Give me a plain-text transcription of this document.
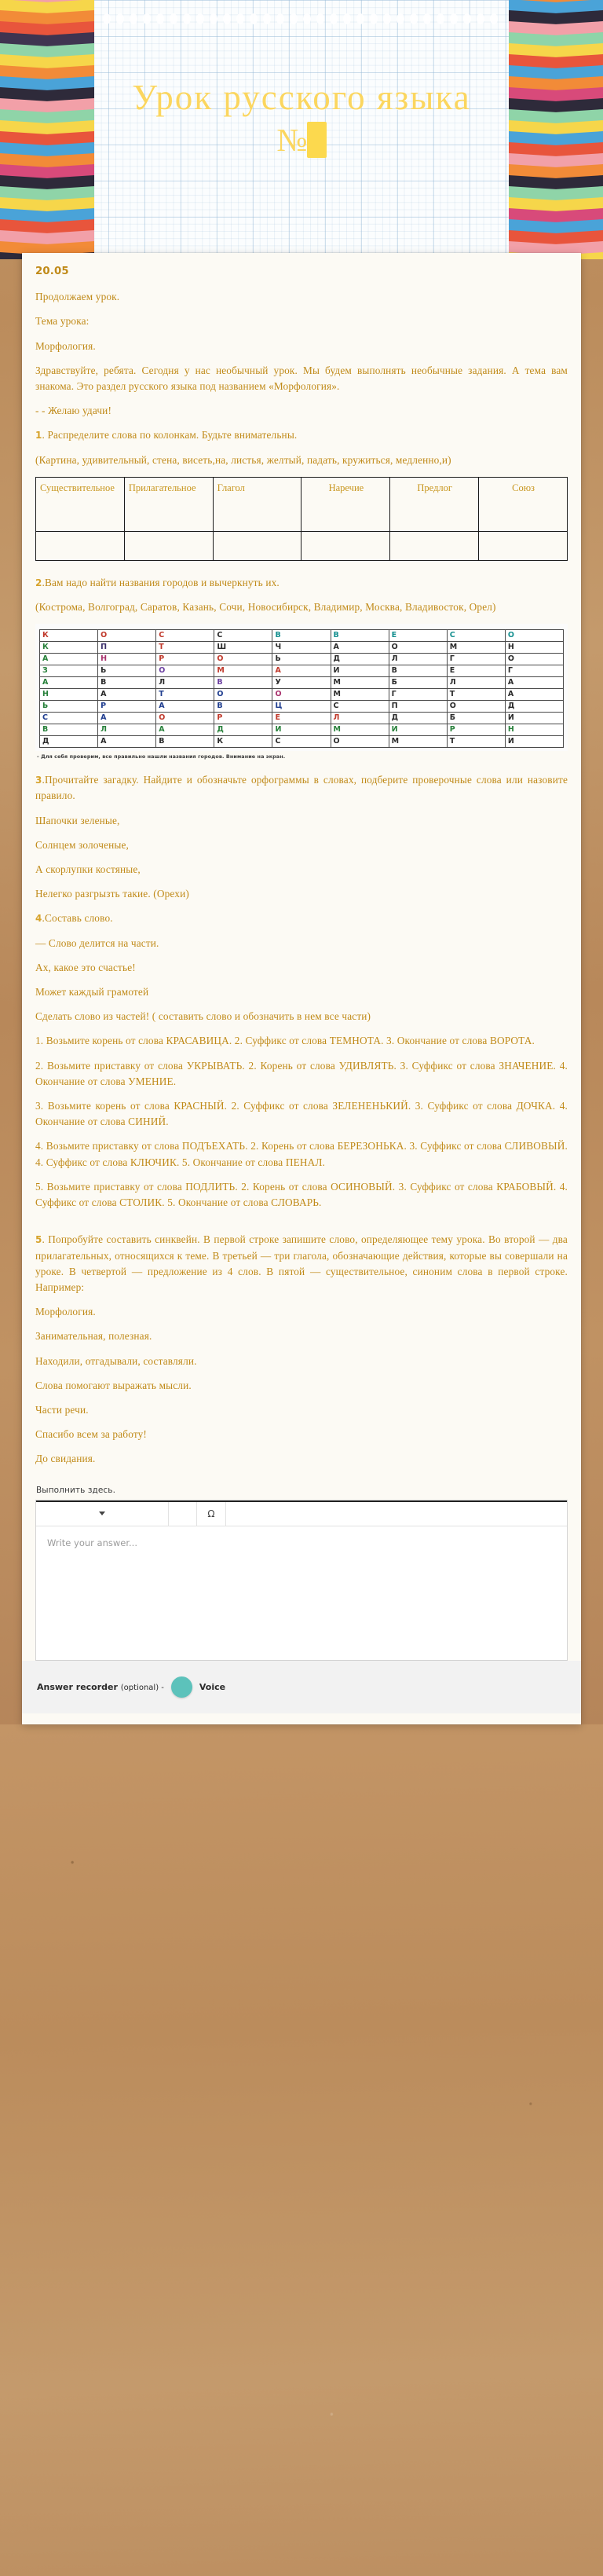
Урок русского языка
№3

20.05

Продолжаем урок.

Тема урока:

Морфология.

Здравствуйте, ребята. Сегодня у нас необычный урок. Мы будем выполнять необычные задания. А тема вам знакома. Это раздел русского языка под названием «Морфология».

- - Желаю удачи!

1. Распределите слова по колонкам. Будьте внимательны.

(Картина, удивительный, стена, висеть,на, листья, желтый, падать, кружиться, медленно,и)

Существительное	Прилагательное	Глагол	Наречие	Предлог	Союз

2.Вам надо найти названия городов и вычеркнуть их.

(Кострома, Волгоград, Саратов, Казань, Сочи, Новосибирск, Владимир, Москва, Владивосток, Орел)

К	О	С	С	В	В	Е	С	О
К	П	Т	Ш	Ч	А	О	М	Н
А	Н	Р	О	Ь	Д	Л	Г	О
З	Ь	О	М	А	И	В	Е	Г
А	В	Л	В	У	М	Б	Л	А
Н	А	Т	О	О	М	Г	Т	А
Ь	Р	А	В	Ц	С	П	О	Д
С	А	О	Р	Е	Л	Д	Б	И
В	Л	А	Д	И	М	И	Р	Н
Д	А	В	К	С	О	М	Т	И
- Для себя проверим, все правильно нашли названия городов. Внимание на экран.

3.Прочитайте загадку. Найдите и обозначьте орфограммы в словах, подберите проверочные слова или назовите правило.

Шапочки зеленые,

Солнцем золоченые,

А скорлупки костяные,

Нелегко разгрызть такие. (Орехи)

4.Составь слово.

— Слово делится на части.

Ах, какое это счастье!

Может каждый грамотей

Сделать слово из частей! ( составить слово и обозначить в нем все части)

1. Возьмите корень от слова КРАСАВИЦА. 2. Суффикс от слова ТЕМНОТА. 3. Окончание от слова ВОРОТА.

2. Возьмите приставку от слова УКРЫВАТЬ. 2. Корень от слова УДИВЛЯТЬ. 3. Суффикс от слова ЗНАЧЕНИЕ. 4. Окончание от слова УМЕНИЕ.

3. Возьмите корень от слова КРАСНЫЙ. 2. Суффикс от слова ЗЕЛЕНЕНЬКИЙ. 3. Суффикс от слова ДОЧКА. 4. Окончание от слова СИНИЙ.

4. Возьмите приставку от слова ПОДЪЕХАТЬ. 2. Корень от слова БЕРЕЗОНЬКА. 3. Суффикс от слова СЛИВОВЫЙ. 4. Суффикс от слова КЛЮЧИК. 5. Окончание от слова ПЕНАЛ.

5. Возьмите приставку от слова ПОДЛИТЬ. 2. Корень от слова ОСИНОВЫЙ. 3. Суффикс от слова КРАБОВЫЙ. 4. Суффикс от слова СТОЛИК. 5. Окончание от слова СЛОВАРЬ.

5. Попробуйте составить синквейн. В первой строке запишите слово, определяющее тему урока. Во второй — два прилагательных, относящихся к теме. В третьей — три глагола, обозначающие действия, которые вы совершали на уроке. В четвертой — предложение из 4 слов. В пятой — существительное, синоним слова в первой строке. Например:

Морфология.

Занимательная, полезная.

Находили, отгадывали, составляли.

Слова помогают выражать мысли.

Части речи.

Спасибо всем за работу!

До свидания.

Выполнить здесь.
Ω
Write your answer...
Answer recorder (optional) -	Voice
